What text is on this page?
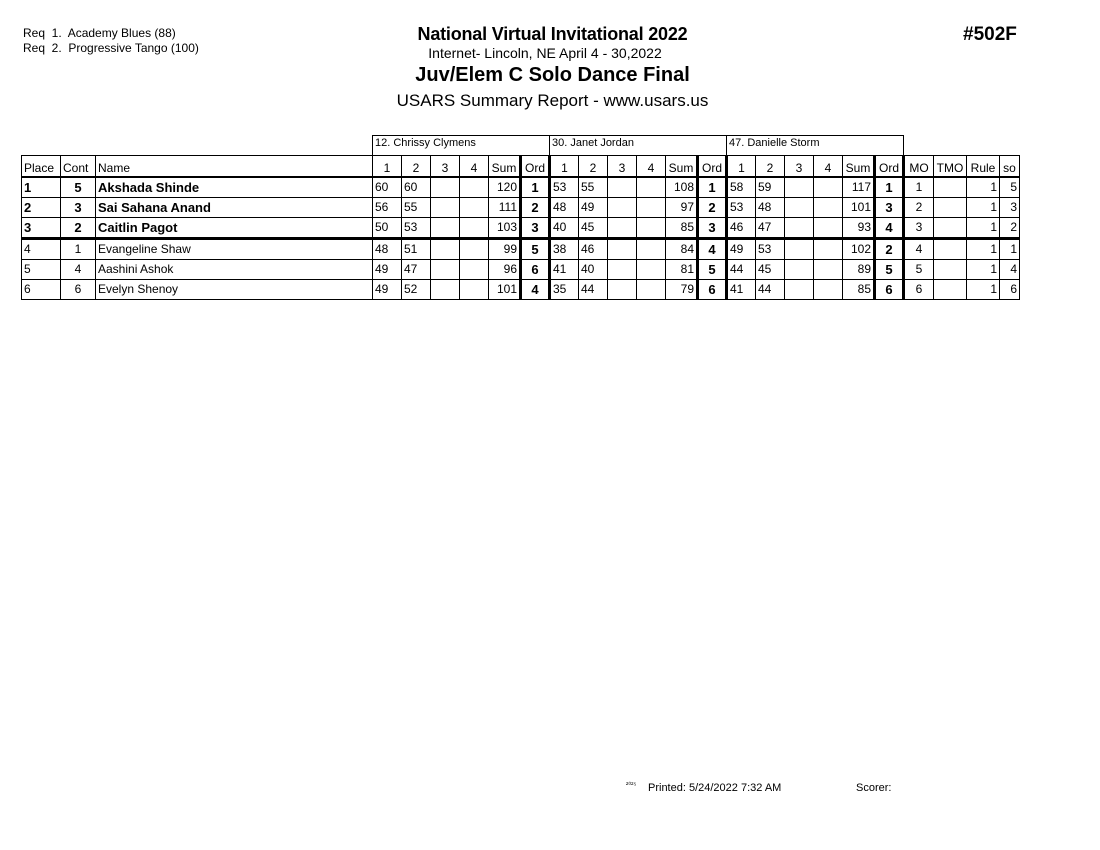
Req  1.  Academy Blues (88)
Req  2.  Progressive Tango (100)
National Virtual Invitational 2022
Internet- Lincoln, NE April 4 - 30,2022
Juv/Elem C Solo Dance Final
USARS Summary Report - www.usars.us
#502F
			12. Chrissy Clymens						30. Janet Jordan						47. Danielle Storm									
Place	Cont	Name	1	2	3	4	Sum	Ord	1	2	3	4	Sum	Ord	1	2	3	4	Sum	Ord	MO	TMO	Rule	so
1	5	Akshada Shinde	60	60			120	1	53	55			108	1	58	59			117	1	1		1	5
2	3	Sai Sahana Anand	56	55			111	2	48	49			97	2	53	48			101	3	2		1	3
3	2	Caitlin Pagot	50	53			103	3	40	45			85	3	46	47			93	4	3		1	2
4	1	Evangeline Shaw	48	51			99	5	38	46			84	4	49	53			102	2	4		1	1
5	4	Aashini Ashok	49	47			96	6	41	40			81	5	44	45			89	5	5		1	4
6	6	Evelyn Shenoy	49	52			101	4	35	44			79	6	41	44			85	6	6		1	6
²⁰²⁵ Printed: 5/24/2022 7:32 AM	Scorer:
